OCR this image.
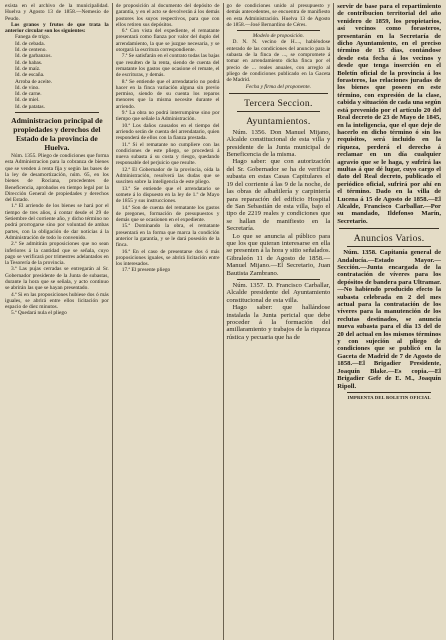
exista en el archivo de la municipalidad. Huelva y Agosto 13 de 1858.—Nemesio de Peudo.

Los granos y frutos de que trata la anterior circular son los siguientes:

Fanega de trigo.
Id. de cebada.
Id. de centeno.
Id. de garbanzos.
Id. de habas.
Id. de maíz.
Id. de escaña.
Arroba de aceite.
Id. de vino.
Id. de carne.
Id. de miel.
Id. de patatas.
Administracion principal de propiedades y derechos del Estado de la provincia de Huelva.

Núm. 1355. Pliego de condiciones que forma esta Administracion para la cobranza de bienes que se venden á renta fija y según las bases de la ley de desamortización, núm. 65, en los bienes de Rociana, procedentes de Beneficencia, aprobados en tiempo legal por la Dirección General de propiedades y derechos del Estado.

1.ª El arriendo de los bienes se hará por el tiempo de tres años, á contar desde el 29 de Setiembre del corriente año, y dicho término no podrá prorrogarse sino por voluntad de ambas partes, con la obligación de dar noticias á la Administración de todo lo convenido.

2.ª Se admitirán proposiciones que no sean inferiores á la cantidad que se señala, cuyo pago se verificará por trimestres adelantados en la Tesorería de la provincia.

3.ª Las pujas cerradas se entregarán al Sr. Gobernador presidente de la Junta de subastas, durante la hora que se señala, y acto continuo se abrirán las que se hayan presentado.

4.ª Si en las proposiciones hubiese dos ó más iguales, se abrirá entre ellos licitación por espacio de diez minutos.

5.ª Quedará nula el pliego

de proposición al documento del depósito de garantía, y en el acto se devolverán á los demás postores los suyos respectivos, para que con ellos retiren sus depósitos.

6.ª Con vista del expediente, el rematante presentará como fianza por valor del duplo del arrendamiento, la que se juzgue necesaria, y se otorgará la escritura correspondiente.

7.ª Se satisfarán en el contrato todas las bajas que resulten de la renta, siendo de cuenta del rematante los gastos que ocasione el remate, el de escrituras, y demás.

8.ª Se entiende que el arrendatario no podrá hacer en la finca variación alguna sin previo permiso, siendo de su cuenta los reparos menores que la misma necesite durante el arriendo.

9.ª La obra no podrá interrumpirse sino por tiempo que señale la Administración.

10.ª Los daños causados en el tiempo del arriendo serán de cuenta del arrendatario, quien responderá de ellos con la fianza prestada.

11.ª Si el rematante no cumpliere con las condiciones de este pliego, se procederá á nueva subasta á su costa y riesgo, quedando responsable del perjuicio que resulte.

12.ª El Gobernador de la provincia, oída la Administración, resolverá las dudas que se susciten sobre la inteligencia de este pliego.

13.ª Se entiende que el arrendatario se somete á lo dispuesto en la ley de 1.º de Mayo de 1855 y sus instrucciones.

14.ª Son de cuenta del rematante los gastos de pregones, formación de presupuestos y demás que se ocasionen en el expediente.

15.ª Dominando la obra, el rematante presentará en la forma que marca la condición anterior la garantía, y se le dará posesión de la finca.

16.ª En el caso de presentarse dos ó más proposiciones iguales, se abrirá licitación entre los interesados.

17.ª El presente pliego

go de condiciones unido al presupuesto y demás antecedentes, se encuentra de manifiesto en esta Administración. Huelva 13 de Agosto de 1858.—José Bernardino de Céres.

Modelo de proposición.

D. N. N. vecino de H...., habiéndose enterado de las condiciones del anuncio para la subasta de la finca de ..., se compromete á tomar en arrendamiento dicha finca por el precio de ... reales anuales, con arreglo al pliego de condiciones publicado en la Gaceta de Madrid.

Fecha y firma del proponente.

Tercera Seccion.
Ayuntamientos.

Núm. 1356. Don Manuel Mijano, Alcalde constitucional de esta villa y presidente de la Junta municipal de Beneficencia de la misma.

Hago saber: que con autorización del Sr. Gobernador se ha de verificar subasta en estas Casas Capitulares el 19 del corriente á las 9 de la noche, de las obras de albañilería y carpintería para reparación del edificio Hospital de San Sebastián de esta villa, bajo el tipo de 2219 reales y condiciones que se hallan de manifiesto en la Secretaría.

Lo que se anuncia al público para que los que quieran interesarse en ella se presenten á la hora y sitio señalados. Gibraleón 11 de Agosto de 1858.—Manuel Mijano.—El Secretario, Juan Bautista Zambrano.

Núm. 1357. D. Francisco Carballar, Alcalde presidente del Ayuntamiento constitucional de esta villa.

Hago saber: que hallándose instalada la Junta pericial que debe proceder á la formación del amillaramiento y trabajos de la riqueza rústica y pecuaria que ha de

servir de base para el repartimiento de contribucion territorial del año venidero de 1859, los propietarios, así vecinos como forasteros, presentarán en la Secretaría de dicho Ayuntamiento, en el preciso término de 15 días, contándose desde esta fecha á los vecinos y desde que tenga inserción en el Boletín oficial de la provincia á los forasteros, las relaciones juradas de los bienes que poseen en este término, con expresión de la clase, cabida y situación de cada una según está prevenido por el artículo 20 del Real decreto de 23 de Mayo de 1845, en la inteligencia, que el que deje de hacerlo en dicho término ó sin los requisitos, será incluido en la riqueza, perderá el derecho á reclamar en un día cualquier agravio que se le haga, y sufrirá las multas á que dé lugar, cuyo cargo el dato del Real decreto, publicado el periódico oficial, sufrirá por ahí en el término. Dado en la villa de Lucena á 15 de Agosto de 1858.—El Alcalde, Francisco Carballar.—Por su mandado, Ildefonso Marín, Secretario.

Anuncios Varios.

Núm. 1358. Capitanía general de Andalucía.—Estado Mayor.—Sección.—Junta encargada de la contratación de víveres para los depósitos de bandera para Ultramar.—No habiendo producido efecto la subasta celebrada en 2 del mes actual para la contratación de los víveres para la manutención de los reclutas destinados, se anuncia nueva subasta para el día 13 del de 20 del actual en los mismos términos y con sujeción al pliego de condiciones que se publicó en la Gaceta de Madrid de 7 de Agosto de 1858.—El Brigadier Presidente, Joaquín Blake.—Es copia.—El Brigadier Gefe de E. M., Joaquín Ripoll.

IMPRENTA DEL BOLETIN OFICIAL
